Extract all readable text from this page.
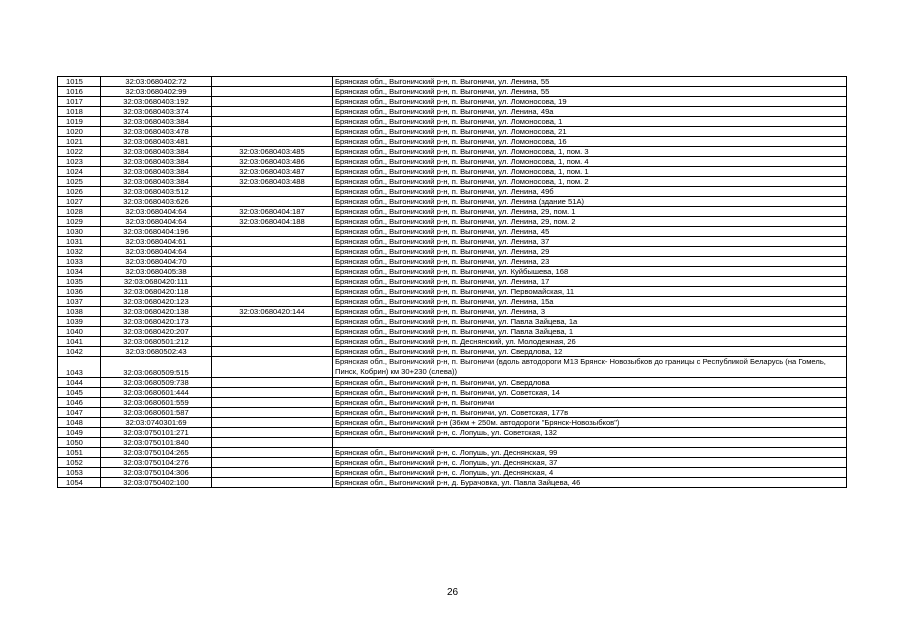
1015	32:03:0680402:72		Брянская обл., Выгоничский р-н, п. Выгоничи, ул. Ленина, 55
1016	32:03:0680402:99		Брянская обл., Выгоничский р-н, п. Выгоничи, ул. Ленина, 55
1017	32:03:0680403:192		Брянская обл., Выгоничский р-н, п. Выгоничи, ул. Ломоносова, 19
1018	32:03:0680403:374		Брянская обл., Выгоничский р-н, п. Выгоничи, ул. Ленина, 49а
1019	32:03:0680403:384		Брянская обл., Выгоничский р-н, п. Выгоничи, ул. Ломоносова, 1
1020	32:03:0680403:478		Брянская обл., Выгоничский р-н, п. Выгоничи, ул. Ломоносова, 21
1021	32:03:0680403:481		Брянская обл., Выгоничский р-н, п. Выгоничи, ул. Ломоносова, 16
1022	32:03:0680403:384	32:03:0680403:485	Брянская обл., Выгоничский р-н, п. Выгоничи, ул. Ломоносова, 1, пом. 3
1023	32:03:0680403:384	32:03:0680403:486	Брянская обл., Выгоничский р-н, п. Выгоничи, ул. Ломоносова, 1, пом. 4
1024	32:03:0680403:384	32:03:0680403:487	Брянская обл., Выгоничский р-н, п. Выгоничи, ул. Ломоносова, 1, пом. 1
1025	32:03:0680403:384	32:03:0680403:488	Брянская обл., Выгоничский р-н, п. Выгоничи, ул. Ломоносова, 1, пом. 2
1026	32:03:0680403:512		Брянская обл., Выгоничский р-н, п. Выгоничи, ул. Ленина, 49б
1027	32:03:0680403:626		Брянская обл., Выгоничский р-н, п. Выгоничи, ул. Ленина (здание 51А)
1028	32:03:0680404:64	32:03:0680404:187	Брянская обл., Выгоничский р-н, п. Выгоничи, ул. Ленина, 29, пом. 1
1029	32:03:0680404:64	32:03:0680404:188	Брянская обл., Выгоничский р-н, п. Выгоничи, ул. Ленина, 29, пом. 2
1030	32:03:0680404:196		Брянская обл., Выгоничский р-н, п. Выгоничи, ул. Ленина, 45
1031	32:03:0680404:61		Брянская обл., Выгоничский р-н, п. Выгоничи, ул. Ленина, 37
1032	32:03:0680404:64		Брянская обл., Выгоничский р-н, п. Выгоничи, ул. Ленина, 29
1033	32:03:0680404:70		Брянская обл., Выгоничский р-н, п. Выгоничи, ул. Ленина, 23
1034	32:03:0680405:38		Брянская обл., Выгоничский р-н, п. Выгоничи, ул. Куйбышева, 168
1035	32:03:0680420:111		Брянская обл., Выгоничский р-н, п. Выгоничи, ул. Ленина, 17
1036	32:03:0680420:118		Брянская обл., Выгоничский р-н, п. Выгоничи, ул. Первомайская, 11
1037	32:03:0680420:123		Брянская обл., Выгоничский р-н, п. Выгоничи, ул. Ленина, 15а
1038	32:03:0680420:138	32:03:0680420:144	Брянская обл., Выгоничский р-н, п. Выгоничи, ул. Ленина, 3
1039	32:03:0680420:173		Брянская обл., Выгоничский р-н, п. Выгоничи, ул. Павла Зайцева, 1а
1040	32:03:0680420:207		Брянская обл., Выгоничский р-н, п. Выгоничи, ул. Павла Зайцева, 1
1041	32:03:0680501:212		Брянская обл., Выгоничский р-н, п. Деснянский, ул. Молодежная, 26
1042	32:03:0680502:43		Брянская обл., Выгоничский р-н, п. Выгоничи, ул. Свердлова, 12
1043	32:03:0680509:515		Брянская обл., Выгоничский р-н, п. Выгоничи (вдоль автодороги М13 Брянск- Новозыбков до границы с Республикой Беларусь (на Гомель, Пинск, Кобрин) км 30+230 (слева))
1044	32:03:0680509:738		Брянская обл., Выгоничский р-н, п. Выгоничи, ул. Свердлова
1045	32:03:0680601:444		Брянская обл., Выгоничский р-н, п. Выгоничи, ул. Советская, 14
1046	32:03:0680601:559		Брянская обл., Выгоничский р-н, п. Выгоничи
1047	32:03:0680601:587		Брянская обл., Выгоничский р-н, п. Выгоничи, ул. Советская, 177в
1048	32:03:0740301:69		Брянская обл., Выгоничский р-н (36км + 250м. автодороги "Брянск-Новозыбков")
1049	32:03:0750101:271		Брянская обл., Выгоничский р-н, с. Лопушь, ул. Советская, 132
1050	32:03:0750101:840		
1051	32:03:0750104:265		Брянская обл., Выгоничский р-н, с. Лопушь, ул. Деснянская, 99
1052	32:03:0750104:276		Брянская обл., Выгоничский р-н, с. Лопушь, ул. Деснянская, 37
1053	32:03:0750104:306		Брянская обл., Выгоничский р-н, с. Лопушь, ул. Деснянская, 4
1054	32:03:0750402:100		Брянская обл., Выгоничский р-н, д. Бурачовка, ул. Павла Зайцева, 46
26
